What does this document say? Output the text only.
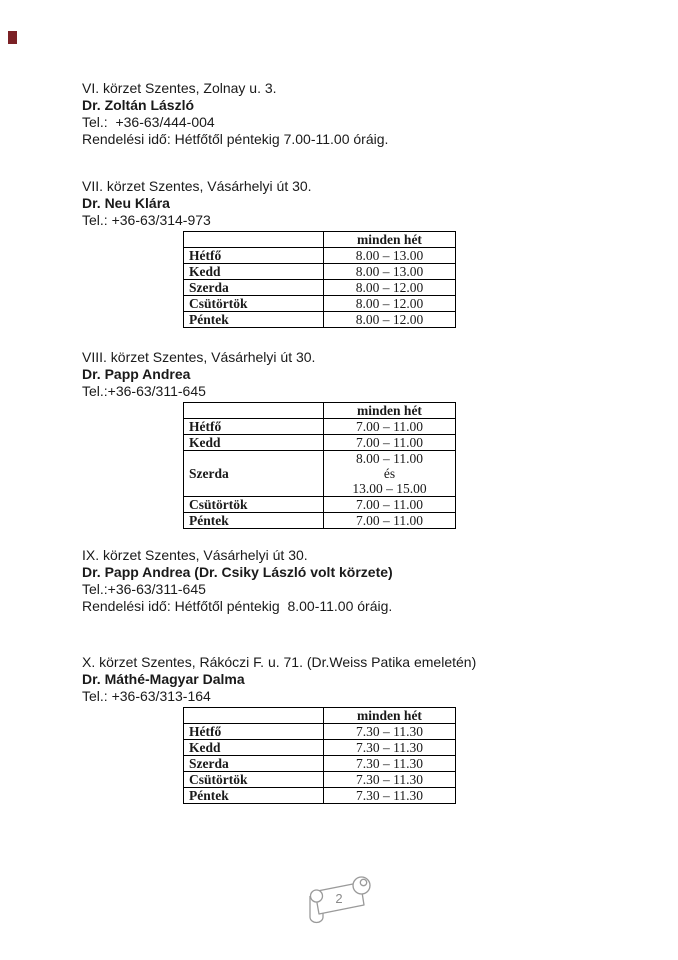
VI. körzet Szentes, Zolnay u. 3.
Dr. Zoltán László
Tel.:  +36-63/444-004
Rendelési idő: Hétfőtől péntekig 7.00-11.00 óráig.
VII. körzet Szentes, Vásárhelyi út 30.
Dr. Neu Klára
Tel.: +36-63/314-973
	minden hét
Hétfő	8.00 – 13.00
Kedd	8.00 – 13.00
Szerda	8.00 – 12.00
Csütörtök	8.00 – 12.00
Péntek	8.00 – 12.00
VIII. körzet Szentes, Vásárhelyi út 30.
Dr. Papp Andrea
Tel.:+36-63/311-645
	minden hét
Hétfő	7.00 – 11.00
Kedd	7.00 – 11.00
Szerda	8.00 – 11.00
és
13.00 – 15.00
Csütörtök	7.00 – 11.00
Péntek	7.00 – 11.00
IX. körzet Szentes, Vásárhelyi út 30.
Dr. Papp Andrea (Dr. Csiky László volt körzete)
Tel.:+36-63/311-645
Rendelési idő: Hétfőtől péntekig  8.00-11.00 óráig.
X. körzet Szentes, Rákóczi F. u. 71. (Dr.Weiss Patika emeletén)
Dr. Máthé-Magyar Dalma
Tel.: +36-63/313-164
	minden hét
Hétfő	7.30 – 11.30
Kedd	7.30 – 11.30
Szerda	7.30 – 11.30
Csütörtök	7.30 – 11.30
Péntek	7.30 – 11.30
2
